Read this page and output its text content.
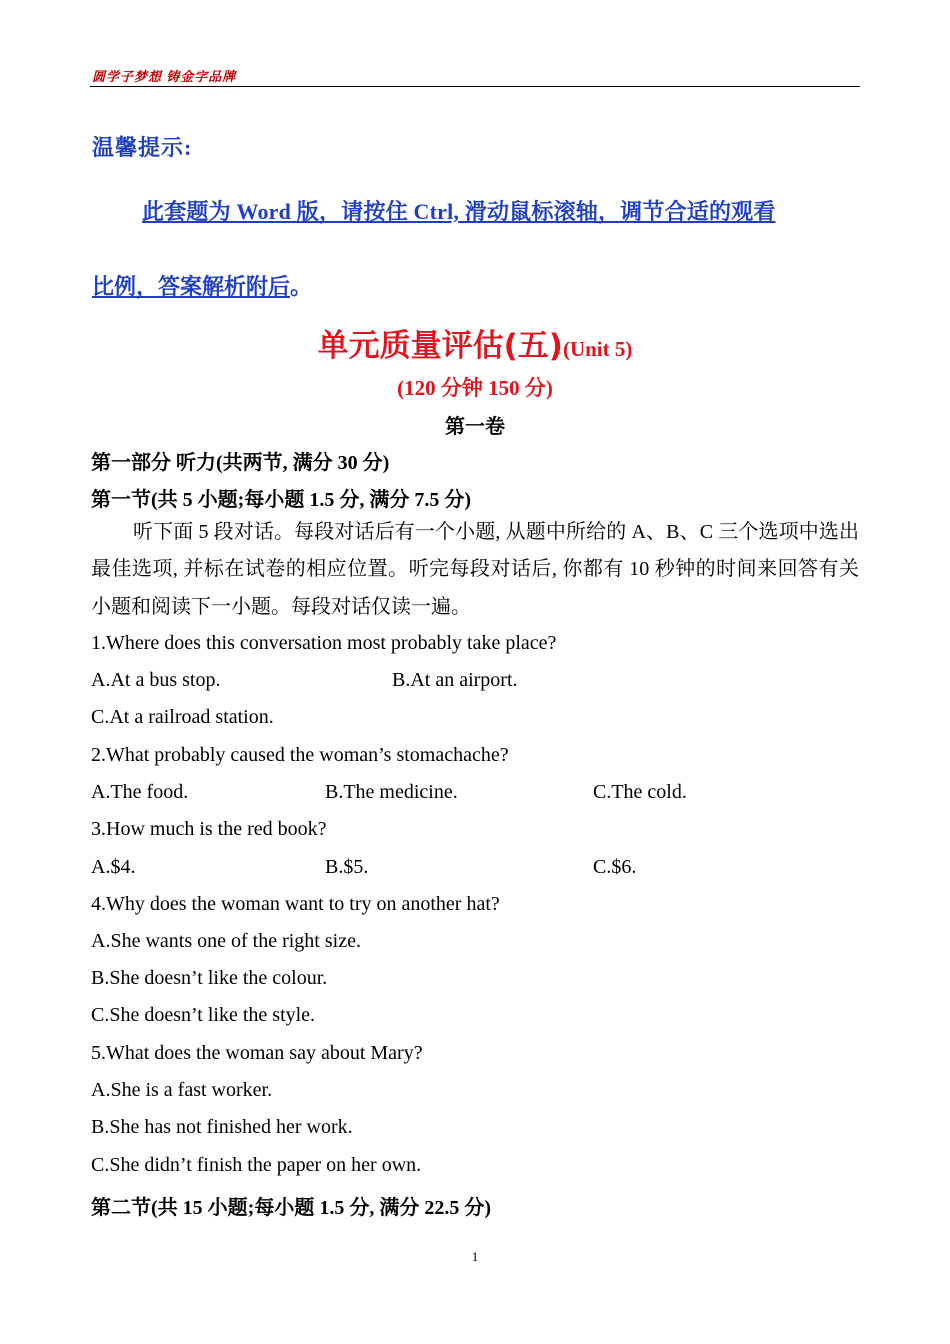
圆学子梦想 铸金字品牌
温馨提示:
此套题为 Word 版，请按住 Ctrl, 滑动鼠标滚轴，调节合适的观看
比例，答案解析附后。
单元质量评估(五)(Unit 5)
(120 分钟 150 分)
第一卷
第一部分 听力(共两节, 满分 30 分)
第一节(共 5 小题;每小题 1.5 分, 满分 7.5 分)
听下面 5 段对话。每段对话后有一个小题, 从题中所给的 A、B、C 三个选项中选出最佳选项, 并标在试卷的相应位置。听完每段对话后, 你都有 10 秒钟的时间来回答有关小题和阅读下一小题。每段对话仅读一遍。
1.Where does this conversation most probably take place?
A.At a bus stop.	B.At an airport.
C.At a railroad station.
2.What probably caused the woman’s stomachache?
A.The food.	B.The medicine.	C.The cold.
3.How much is the red book?
A.$4.	B.$5.	C.$6.
4.Why does the woman want to try on another hat?
A.She wants one of the right size.
B.She doesn’t like the colour.
C.She doesn’t like the style.
5.What does the woman say about Mary?
A.She is a fast worker.
B.She has not finished her work.
C.She didn’t finish the paper on her own.
第二节(共 15 小题;每小题 1.5 分, 满分 22.5 分)
1
